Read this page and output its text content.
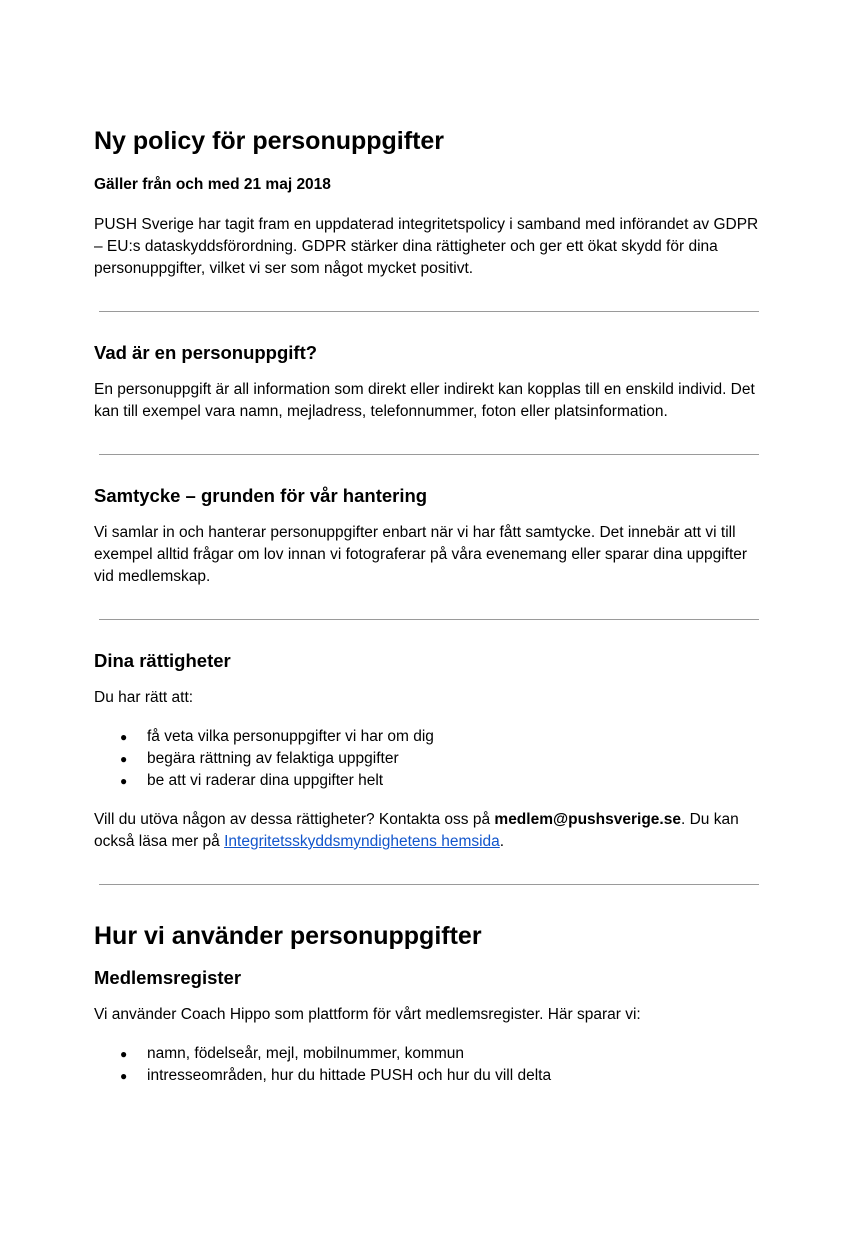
Ny policy för personuppgifter
Gäller från och med 21 maj 2018

PUSH Sverige har tagit fram en uppdaterad integritetspolicy i samband med införandet av GDPR – EU:s dataskyddsförordning. GDPR stärker dina rättigheter och ger ett ökat skydd för dina personuppgifter, vilket vi ser som något mycket positivt.

Vad är en personuppgift?

En personuppgift är all information som direkt eller indirekt kan kopplas till en enskild individ. Det kan till exempel vara namn, mejladress, telefonnummer, foton eller platsinformation.

Samtycke – grunden för vår hantering

Vi samlar in och hanterar personuppgifter enbart när vi har fått samtycke. Det innebär att vi till exempel alltid frågar om lov innan vi fotograferar på våra evenemang eller sparar dina uppgifter vid medlemskap.

Dina rättigheter

Du har rätt att:

● få veta vilka personuppgifter vi har om dig
● begära rättning av felaktiga uppgifter
● be att vi raderar dina uppgifter helt

Vill du utöva någon av dessa rättigheter? Kontakta oss på medlem@pushsverige.se. Du kan också läsa mer på Integritetsskyddsmyndighetens hemsida.

Hur vi använder personuppgifter
Medlemsregister

Vi använder Coach Hippo som plattform för vårt medlemsregister. Här sparar vi:

● namn, födelseår, mejl, mobilnummer, kommun
● intresseområden, hur du hittade PUSH och hur du vill delta
